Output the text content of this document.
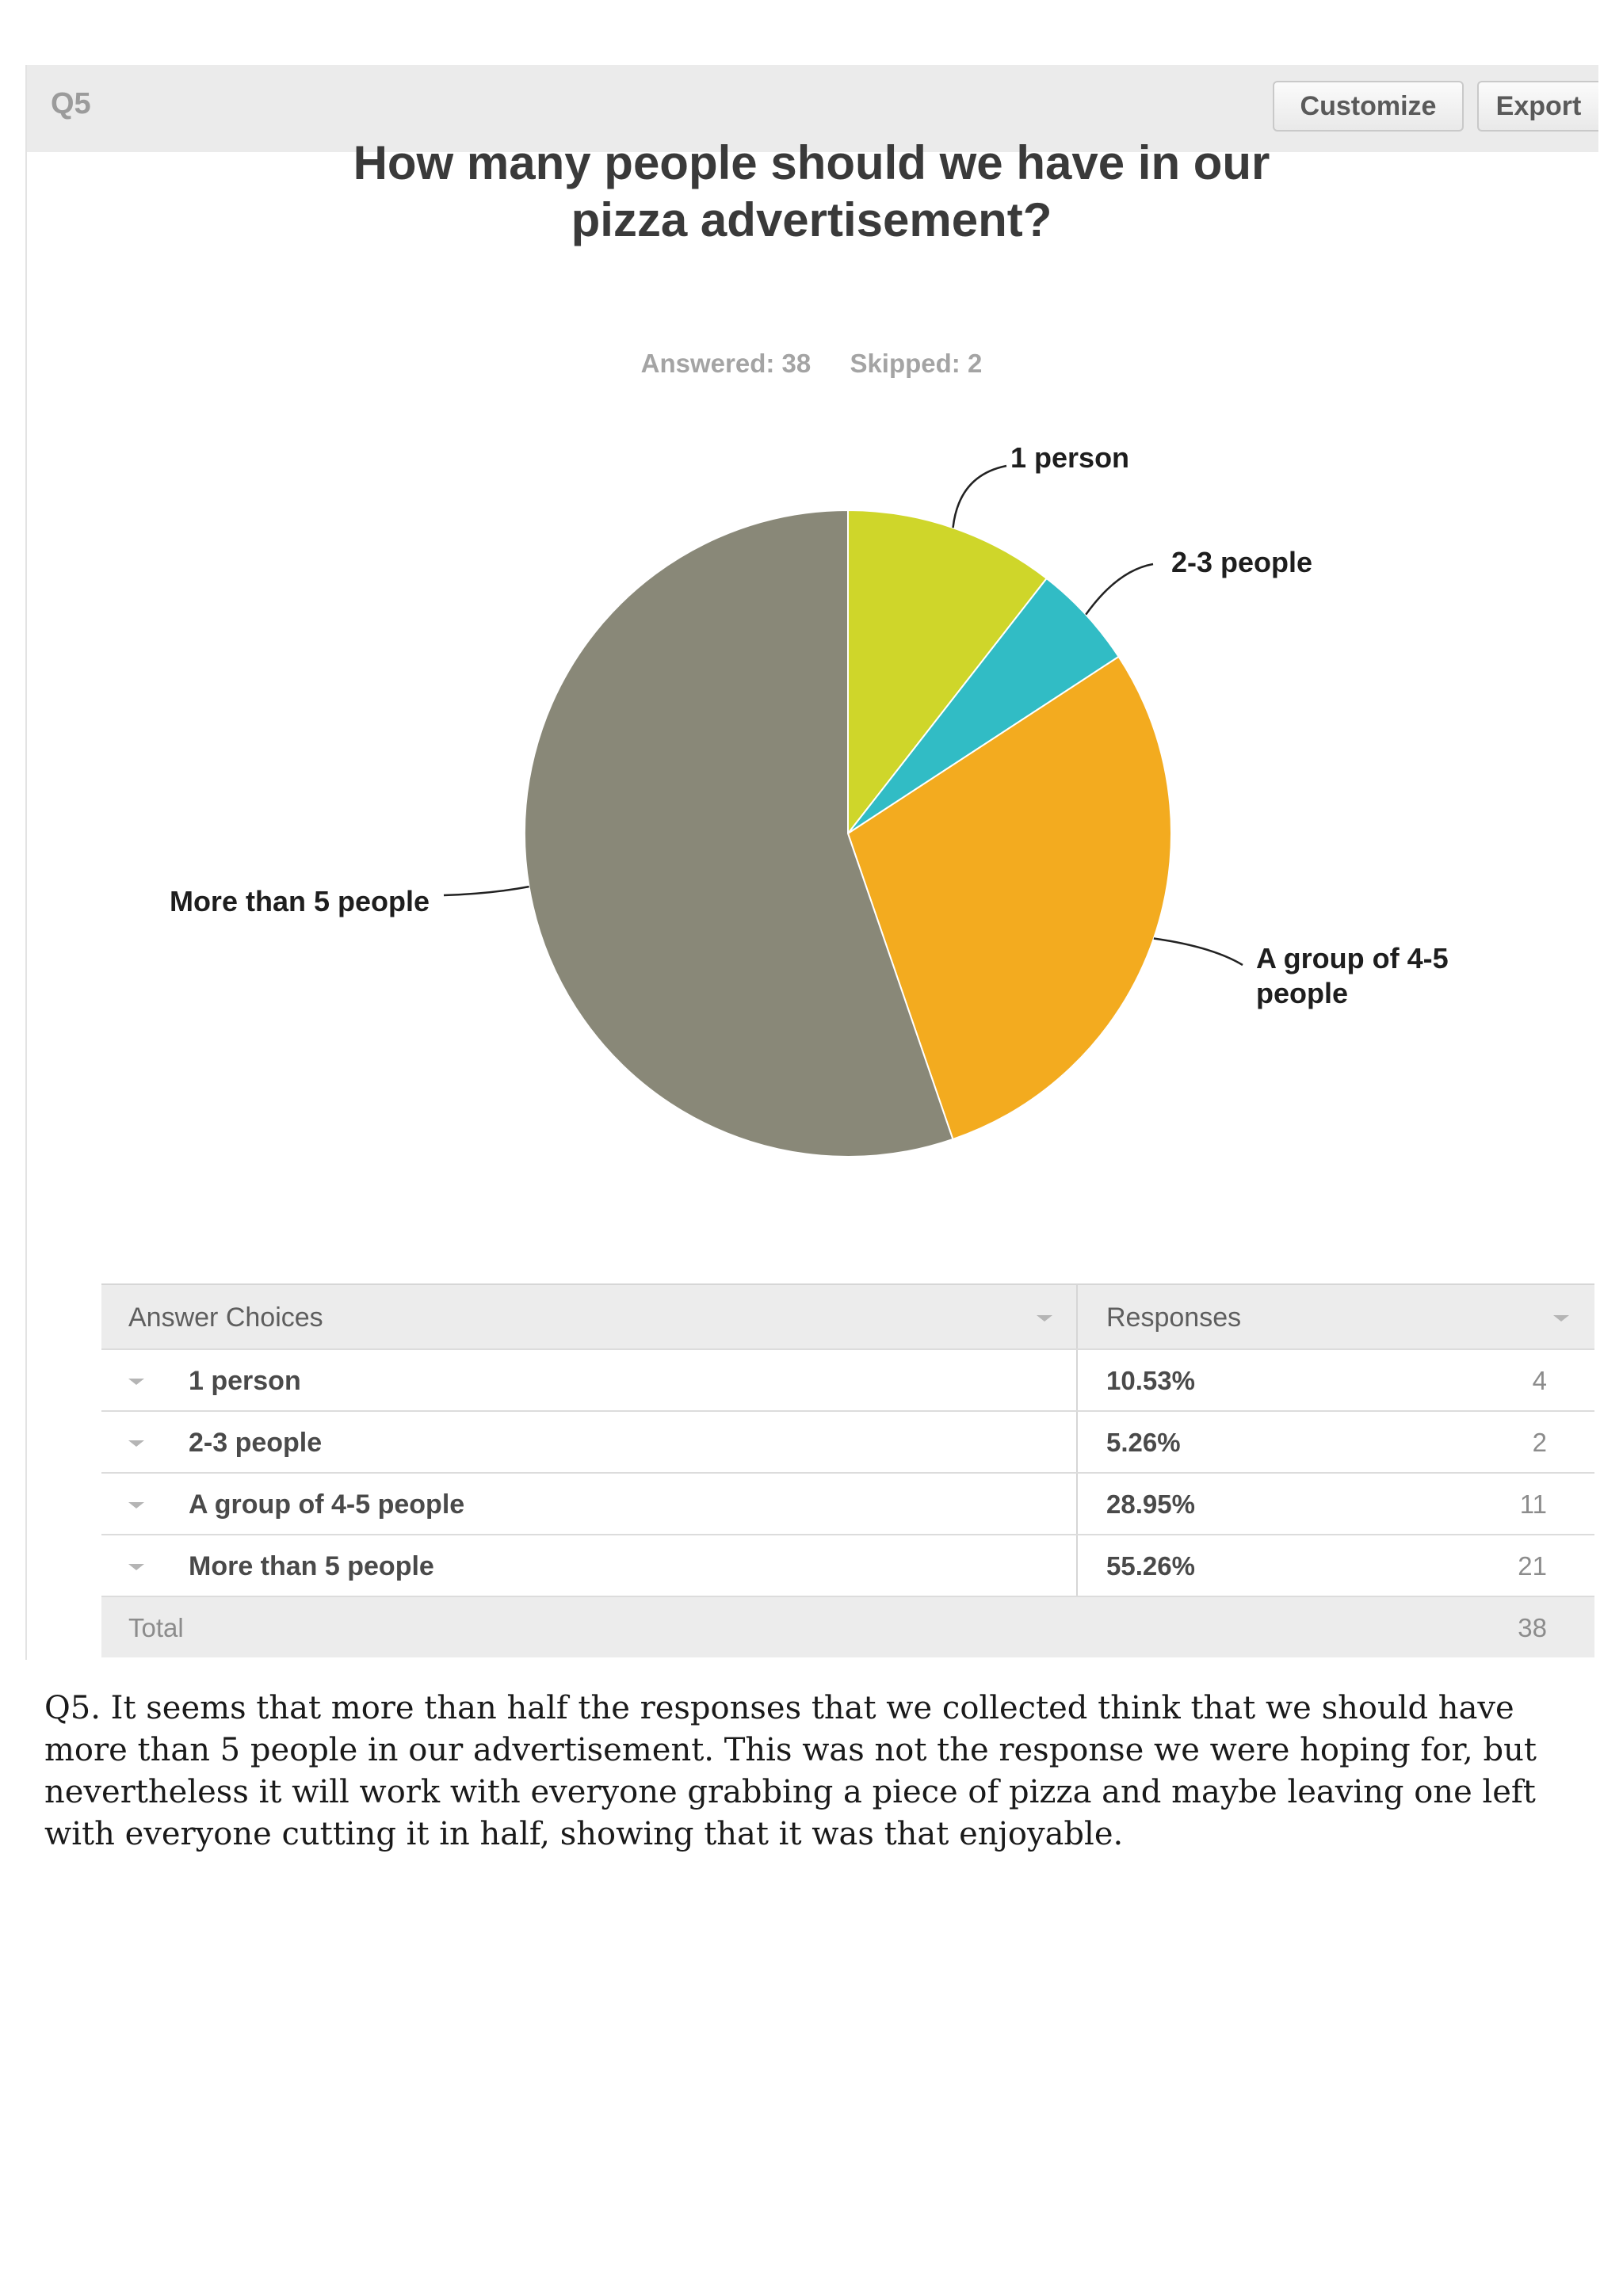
Q5	Customize	Export
How many people should we have in our
pizza advertisement?
Answered: 38 Skipped: 2
1 person
2-3 people
A group of 4-5 people
More than 5 people
Answer Choices	Responses
1 person	10.53%	4
2-3 people	5.26%	2
A group of 4-5 people	28.95%	11
More than 5 people	55.26%	21
Total	38
Q5. It seems that more than half the responses that we collected think that we should have more than 5 people in our advertisement. This was not the response we were hoping for, but nevertheless it will work with everyone grabbing a piece of pizza and maybe leaving one left with everyone cutting it in half, showing that it was that enjoyable.
